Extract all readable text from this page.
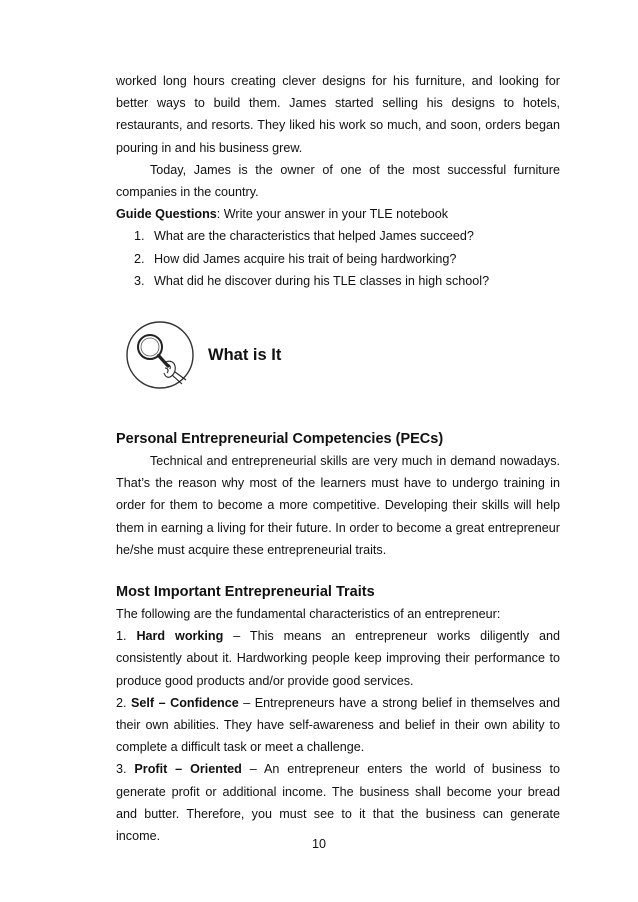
worked long hours creating clever designs for his furniture, and looking for better ways to build them. James started selling his designs to hotels, restaurants, and resorts. They liked his work so much, and soon, orders began pouring in and his business grew.

Today, James is the owner of one of the most successful furniture companies in the country.

Guide Questions: Write your answer in your TLE notebook

1. What are the characteristics that helped James succeed?
2. How did James acquire his trait of being hardworking?
3. What did he discover during his TLE classes in high school?
What is It
Personal Entrepreneurial Competencies (PECs)

Technical and entrepreneurial skills are very much in demand nowadays. That’s the reason why most of the learners must have to undergo training in order for them to become a more competitive. Developing their skills will help them in earning a living for their future. In order to become a great entrepreneur he/she must acquire these entrepreneurial traits.

Most Important Entrepreneurial Traits

The following are the fundamental characteristics of an entrepreneur:

1. Hard working – This means an entrepreneur works diligently and consistently about it. Hardworking people keep improving their performance to produce good products and/or provide good services.

2. Self – Confidence – Entrepreneurs have a strong belief in themselves and their own abilities. They have self-awareness and belief in their own ability to complete a difficult task or meet a challenge.

3. Profit – Oriented – An entrepreneur enters the world of business to generate profit or additional income. The business shall become your bread and butter. Therefore, you must see to it that the business can generate income.

10
